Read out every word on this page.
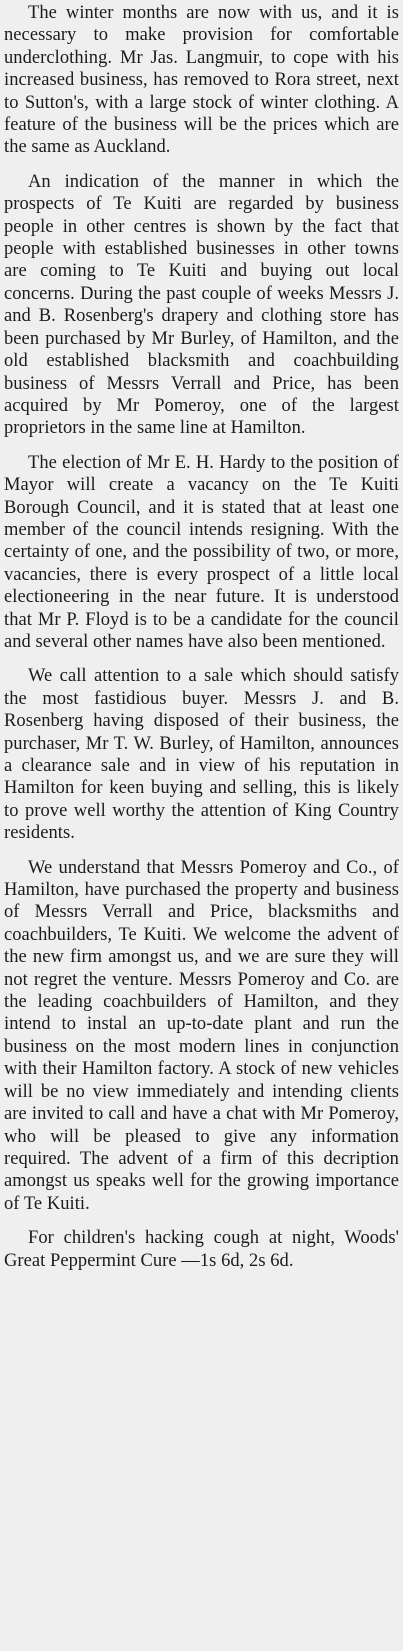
The winter months are now with us, and it is necessary to make provision for comfortable underclothing. Mr Jas. Langmuir, to cope with his increased business, has removed to Rora street, next to Sutton's, with a large stock of winter clothing. A feature of the business will be the prices which are the same as Auckland.

An indication of the manner in which the prospects of Te Kuiti are regarded by business people in other centres is shown by the fact that people with established businesses in other towns are coming to Te Kuiti and buying out local concerns. During the past couple of weeks Messrs J. and B. Rosenberg's drapery and clothing store has been purchased by Mr Burley, of Hamilton, and the old established blacksmith and coachbuilding business of Messrs Verrall and Price, has been acquired by Mr Pomeroy, one of the largest proprietors in the same line at Hamilton.

The election of Mr E. H. Hardy to the position of Mayor will create a vacancy on the Te Kuiti Borough Council, and it is stated that at least one member of the council intends resigning. With the certainty of one, and the possibility of two, or more, vacancies, there is every prospect of a little local electioneering in the near future. It is understood that Mr P. Floyd is to be a candidate for the council and several other names have also been mentioned.

We call attention to a sale which should satisfy the most fastidious buyer. Messrs J. and B. Rosenberg having disposed of their business, the purchaser, Mr T. W. Burley, of Hamilton, announces a clearance sale and in view of his reputation in Hamilton for keen buying and selling, this is likely to prove well worthy the attention of King Country residents.

We understand that Messrs Pomeroy and Co., of Hamilton, have purchased the property and business of Messrs Verrall and Price, blacksmiths and coachbuilders, Te Kuiti. We welcome the advent of the new firm amongst us, and we are sure they will not regret the venture. Messrs Pomeroy and Co. are the leading coachbuilders of Hamilton, and they intend to instal an up-to-date plant and run the business on the most modern lines in conjunction with their Hamilton factory. A stock of new vehicles will be no view immediately and intending clients are invited to call and have a chat with Mr Pomeroy, who will be pleased to give any information required. The advent of a firm of this decription amongst us speaks well for the growing importance of Te Kuiti.

For children's hacking cough at night, Woods' Great Peppermint Cure —1s 6d, 2s 6d.
